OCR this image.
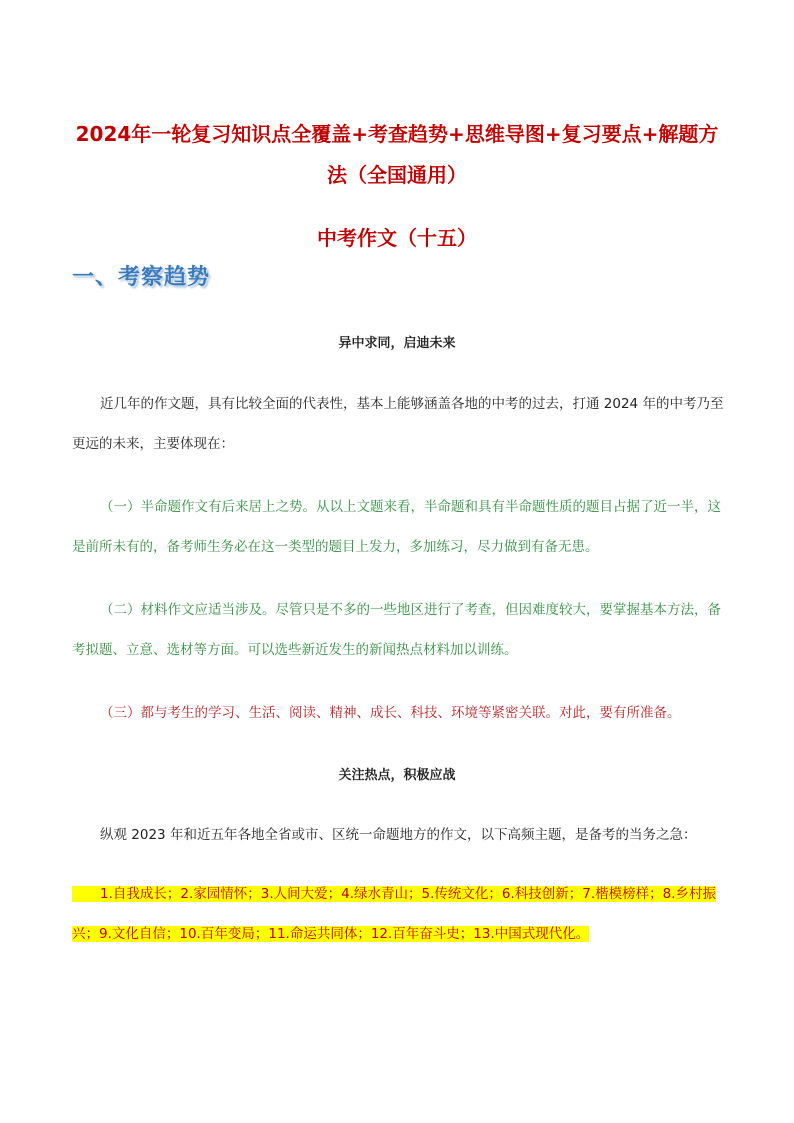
2024年一轮复习知识点全覆盖+考查趋势+思维导图+复习要点+解题方
法（全国通用）
中考作文（十五）
一、考察趋势
异中求同，启迪未来
近几年的作文题，具有比较全面的代表性，基本上能够涵盖各地的中考的过去，打通 2024 年的中考乃至更远的未来，主要体现在：
（一）半命题作文有后来居上之势。从以上文题来看，半命题和具有半命题性质的题目占据了近一半，这是前所未有的，备考师生务必在这一类型的题目上发力，多加练习，尽力做到有备无患。
（二）材料作文应适当涉及。尽管只是不多的一些地区进行了考查，但因难度较大，要掌握基本方法，备考拟题、立意、选材等方面。可以选些新近发生的新闻热点材料加以训练。
（三）都与考生的学习、生活、阅读、精神、成长、科技、环境等紧密关联。对此，要有所准备。
关注热点，积极应战
纵观 2023 年和近五年各地全省或市、区统一命题地方的作文，以下高频主题，是备考的当务之急：
1.自我成长；2.家园情怀；3.人间大爱；4.绿水青山；5.传统文化；6.科技创新；7.楷模榜样；8.乡村振
兴；9.文化自信；10.百年变局；11.命运共同体；12.百年奋斗史；13.中国式现代化。
